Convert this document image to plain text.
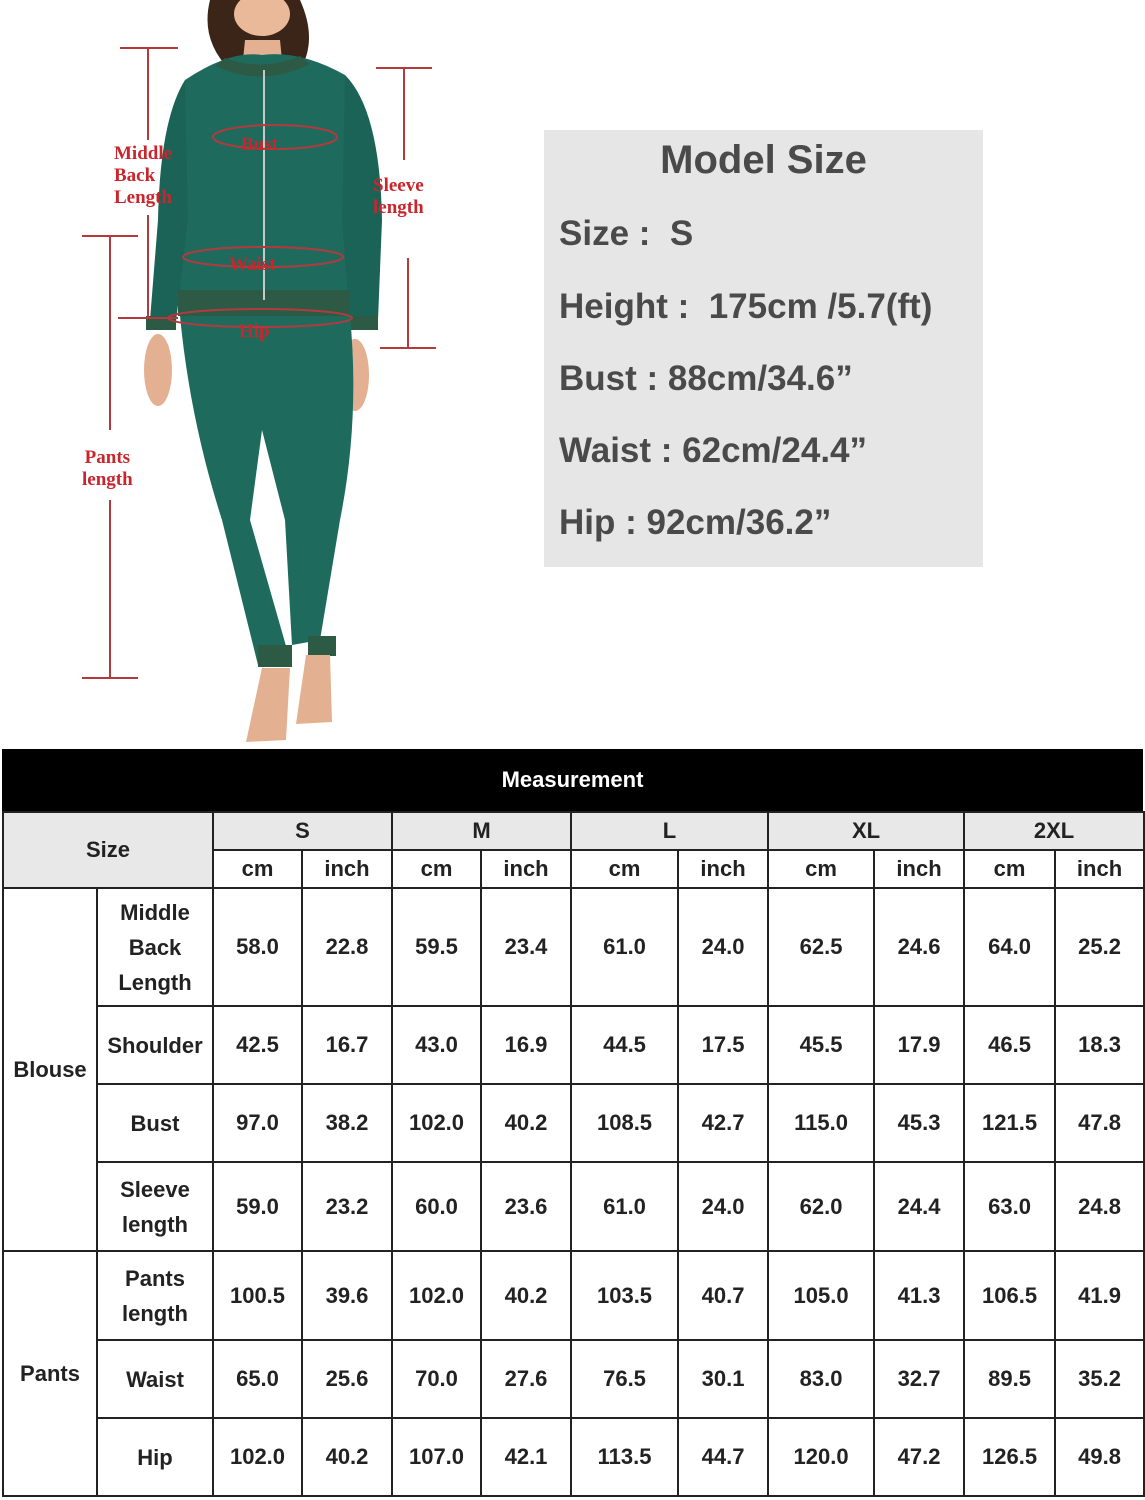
Middle
Back
Length
Bust
Sleeve
length
Waist
Hip
Pants
length
Model Size
Size :  S
Height :  175cm /5.7(ft)
Bust : 88cm/34.6”
Waist : 62cm/24.4”
Hip : 92cm/36.2”
Measurement
Size		S		M		L		XL		2XL	
		cm	inch	cm	inch	cm	inch	cm	inch	cm	inch
Blouse	Middle
Back
Length	58.0	22.8	59.5	23.4	61.0	24.0	62.5	24.6	64.0	25.2

	Shoulder	42.5	16.7	43.0	16.9	44.5	17.5	45.5	17.9	46.5	18.3

	Bust	97.0	38.2	102.0	40.2	108.5	42.7	115.0	45.3	121.5	47.8

	Sleeve
length	59.0	23.2	60.0	23.6	61.0	24.0	62.0	24.4	63.0	24.8
Pants	Pants
length	100.5	39.6	102.0	40.2	103.5	40.7	105.0	41.3	106.5	41.9

	Waist	65.0	25.6	70.0	27.6	76.5	30.1	83.0	32.7	89.5	35.2

	Hip	102.0	40.2	107.0	42.1	113.5	44.7	120.0	47.2	126.5	49.8
